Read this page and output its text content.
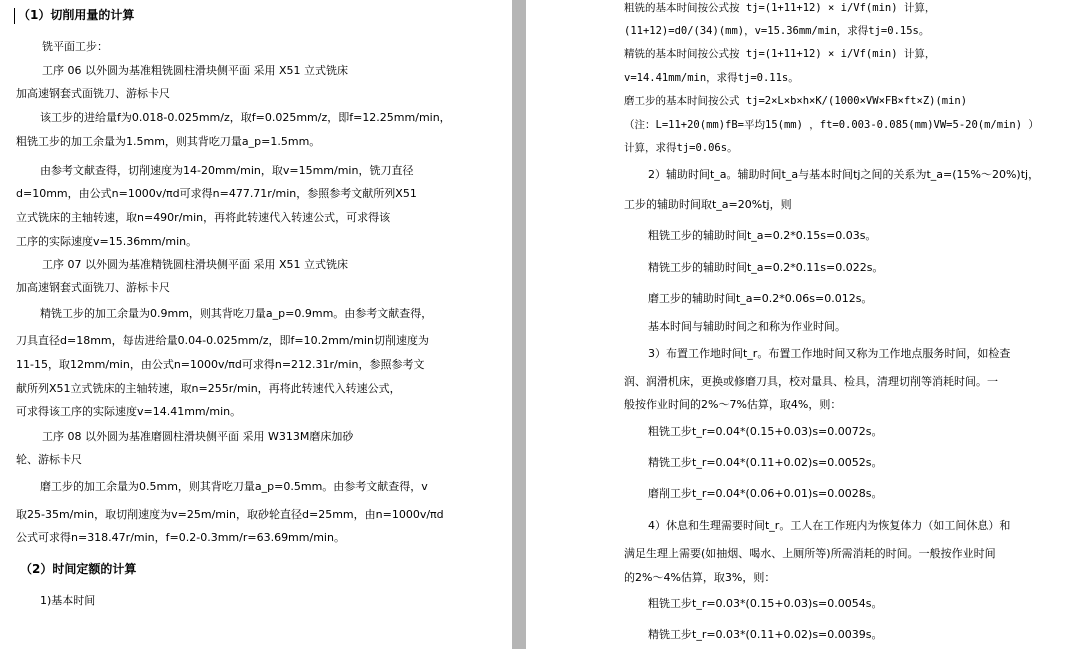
（1）切削用量的计算
铣平面工步：
工序 06 以外圆为基准粗铣圆柱滑块侧平面 采用 X51 立式铣床
加高速钢套式面铣刀、游标卡尺
该工步的进给量f为0.018-0.025mm/z，取f=0.025mm/z，即f=12.25mm/min，
粗铣工步的加工余量为1.5mm，则其背吃刀量a_p=1.5mm。
由参考文献查得，切削速度为14-20mm/min，取v=15mm/min，铣刀直径
d=10mm，由公式n=1000v/πd可求得n=477.71r/min，参照参考文献所列X51
立式铣床的主轴转速，取n=490r/min，再将此转速代入转速公式，可求得该
工序的实际速度v=15.36mm/min。
工序 07 以外圆为基准精铣圆柱滑块侧平面 采用 X51 立式铣床
加高速钢套式面铣刀、游标卡尺
精铣工步的加工余量为0.9mm，则其背吃刀量a_p=0.9mm。由参考文献查得，
刀具直径d=18mm，每齿进给量0.04-0.025mm/z，即f=10.2mm/min切削速度为
11-15，取12mm/min，由公式n=1000v/πd可求得n=212.31r/min，参照参考文
献所列X51立式铣床的主轴转速，取n=255r/min，再将此转速代入转速公式，
可求得该工序的实际速度v=14.41mm/min。
工序 08 以外圆为基准磨圆柱滑块侧平面 采用 W313M磨床加砂
轮、游标卡尺
磨工步的加工余量为0.5mm，则其背吃刀量a_p=0.5mm。由参考文献查得，v
取25-35m/min，取切削速度为v=25m/min，取砂轮直径d=25mm，由n=1000v/πd
公式可求得n=318.47r/min，f=0.2-0.3mm/r=63.69mm/min。
（2）时间定额的计算
1)基本时间
粗铣的基本时间按公式按 tj=(1+11+12) × i/Vf(min) 计算，
(11+12)=d0/(34)(mm)，v=15.36mm/min，求得tj=0.15s。
精铣的基本时间按公式按 tj=(1+11+12) × i/Vf(min) 计算，
v=14.41mm/min，求得tj=0.11s。
磨工步的基本时间按公式 tj=2×L×b×h×K/(1000×VW×FB×ft×Z)(min)
（注：L=11+20(mm)fB=平均15(mm) ，ft=0.003-0.085(mm)VW=5-20(m/min) ）
计算，求得tj=0.06s。
2）辅助时间t_a。辅助时间t_a与基本时间tj之间的关系为t_a=(15%～20%)tj，
工步的辅助时间取t_a=20%tj，则
粗铣工步的辅助时间t_a=0.2*0.15s=0.03s。
精铣工步的辅助时间t_a=0.2*0.11s=0.022s。
磨工步的辅助时间t_a=0.2*0.06s=0.012s。
基本时间与辅助时间之和称为作业时间。
3）布置工作地时间t_r。布置工作地时间又称为工作地点服务时间，如检查
润、润滑机床，更换或修磨刀具，校对量具、检具，清理切削等消耗时间。一
般按作业时间的2%～7%估算，取4%，则：
粗铣工步t_r=0.04*(0.15+0.03)s=0.0072s。
精铣工步t_r=0.04*(0.11+0.02)s=0.0052s。
磨削工步t_r=0.04*(0.06+0.01)s=0.0028s。
4）休息和生理需要时间t_r。工人在工作班内为恢复体力（如工间休息）和
满足生理上需要(如抽烟、喝水、上厕所等)所需消耗的时间。一般按作业时间
的2%～4%估算，取3%，则：
粗铣工步t_r=0.03*(0.15+0.03)s=0.0054s。
精铣工步t_r=0.03*(0.11+0.02)s=0.0039s。
